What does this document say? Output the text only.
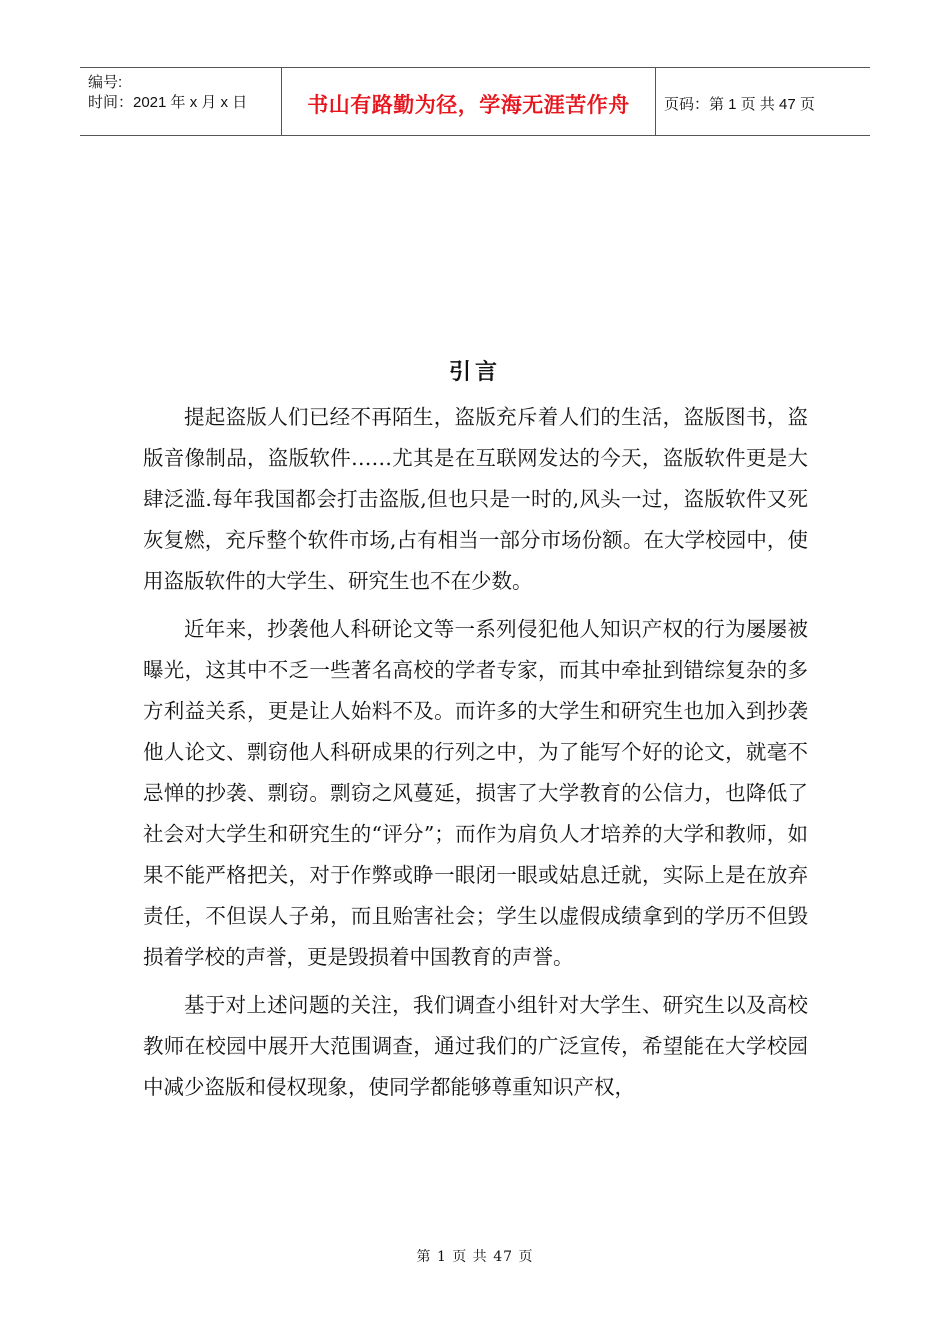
编号:
时间：2021 年 x 月 x 日	书山有路勤为径，学海无涯苦作舟 页码：第 1 页 共 47 页
引言

提起盗版人们已经不再陌生，盗版充斥着人们的生活，盗版图书，盗版音像制品，盗版软件……尤其是在互联网发达的今天，盗版软件更是大肆泛滥.每年我国都会打击盗版,但也只是一时的,风头一过，盗版软件又死灰复燃，充斥整个软件市场,占有相当一部分市场份额。在大学校园中，使用盗版软件的大学生、研究生也不在少数。

近年来，抄袭他人科研论文等一系列侵犯他人知识产权的行为屡屡被曝光，这其中不乏一些著名高校的学者专家，而其中牵扯到错综复杂的多方利益关系，更是让人始料不及。而许多的大学生和研究生也加入到抄袭他人论文、剽窃他人科研成果的行列之中，为了能写个好的论文，就毫不忌惮的抄袭、剽窃。剽窃之风蔓延，损害了大学教育的公信力，也降低了社会对大学生和研究生的“评分”；而作为肩负人才培养的大学和教师，如果不能严格把关，对于作弊或睁一眼闭一眼或姑息迁就，实际上是在放弃责任，不但误人子弟，而且贻害社会；学生以虚假成绩拿到的学历不但毁损着学校的声誉，更是毁损着中国教育的声誉。

基于对上述问题的关注，我们调查小组针对大学生、研究生以及高校教师在校园中展开大范围调查，通过我们的广泛宣传，希望能在大学校园中减少盗版和侵权现象，使同学都能够尊重知识产权，

第 1 页 共 47 页
